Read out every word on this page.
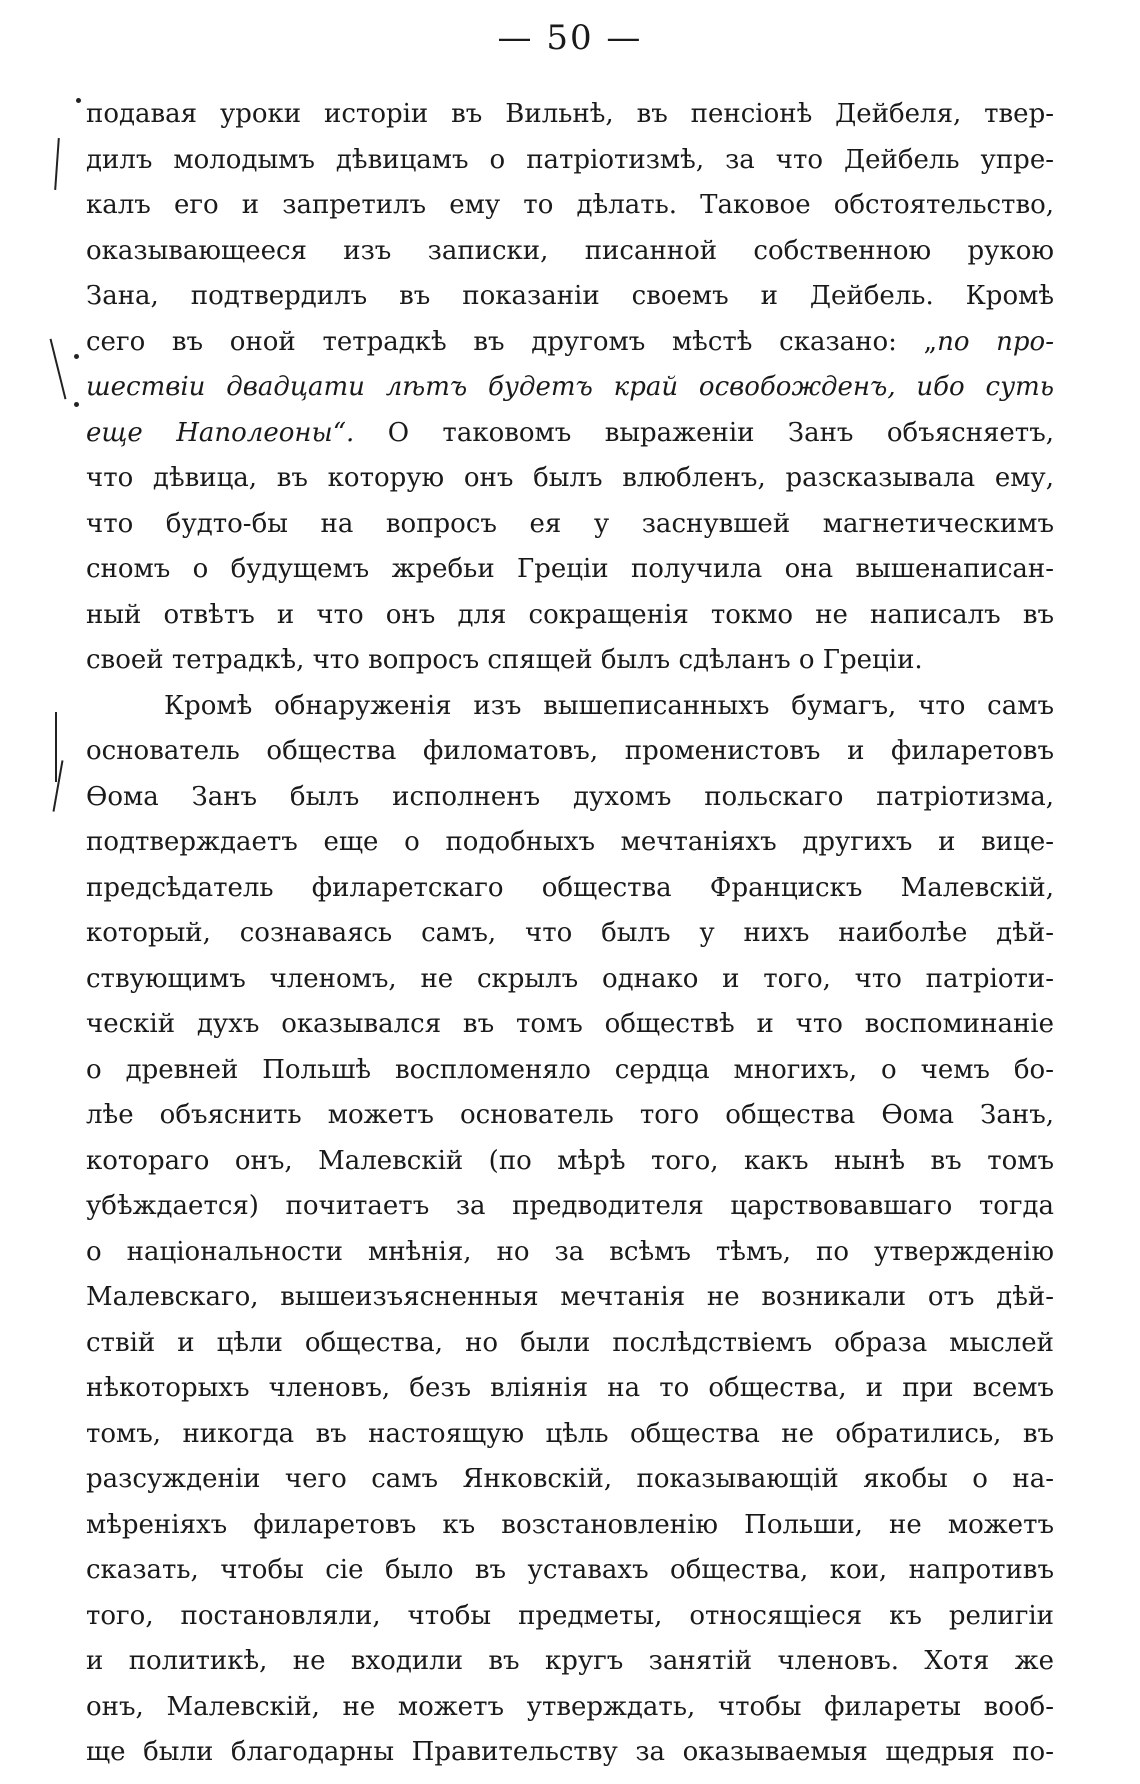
— 50 —
подавая уроки исторіи въ Вильнѣ, въ пенсіонѣ Дейбеля, твер-
дилъ молодымъ дѣвицамъ о патріотизмѣ, за что Дейбель упре-
калъ его и запретилъ ему то дѣлать. Таковое обстоятельство,
оказывающееся изъ записки, писанной собственною рукою
Зана, подтвердилъ въ показаніи своемъ и Дейбель. Кромѣ
сего въ оной тетрадкѣ въ другомъ мѣстѣ сказано: „по про-
шествіи двадцати лѣтъ будетъ край освобожденъ, ибо суть
еще Наполеоны“. О таковомъ выраженіи Занъ объясняетъ,
что дѣвица, въ которую онъ былъ влюбленъ, разсказывала ему,
что будто-бы на вопросъ ея у заснувшей магнетическимъ
сномъ о будущемъ жребьи Греціи получила она вышенаписан-
ный отвѣтъ и что онъ для сокращенія токмо не написалъ въ
своей тетрадкѣ, что вопросъ спящей былъ сдѣланъ о Греціи.
Кромѣ обнаруженія изъ вышеписанныхъ бумагъ, что самъ
основатель общества филоматовъ, променистовъ и филаретовъ
Ѳома Занъ былъ исполненъ духомъ польскаго патріотизма,
подтверждаетъ еще о подобныхъ мечтаніяхъ другихъ и вице-
предсѣдатель филаретскаго общества Францискъ Малевскій,
который, сознаваясь самъ, что былъ у нихъ наиболѣе дѣй-
ствующимъ членомъ, не скрылъ однако и того, что патріоти-
ческій духъ оказывался въ томъ обществѣ и что воспоминаніе
о древней Польшѣ воспломеняло сердца многихъ, о чемъ бо-
лѣе объяснить можетъ основатель того общества Ѳома Занъ,
котораго онъ, Малевскій (по мѣрѣ того, какъ нынѣ въ томъ
убѣждается) почитаетъ за предводителя царствовавшаго тогда
о національности мнѣнія, но за всѣмъ тѣмъ, по утвержденію
Малевскаго, вышеизъясненныя мечтанія не возникали отъ дѣй-
ствій и цѣли общества, но были послѣдствіемъ образа мыслей
нѣкоторыхъ членовъ, безъ вліянія на то общества, и при всемъ
томъ, никогда въ настоящую цѣль общества не обратились, въ
разсужденіи чего самъ Янковскій, показывающій якобы о на-
мѣреніяхъ филаретовъ къ возстановленію Польши, не можетъ
сказать, чтобы сіе было въ уставахъ общества, кои, напротивъ
того, постановляли, чтобы предметы, относящіеся къ религіи
и политикѣ, не входили въ кругъ занятій членовъ. Хотя же
онъ, Малевскій, не можетъ утверждать, чтобы филареты вооб-
ще были благодарны Правительству за оказываемыя щедрыя по-
